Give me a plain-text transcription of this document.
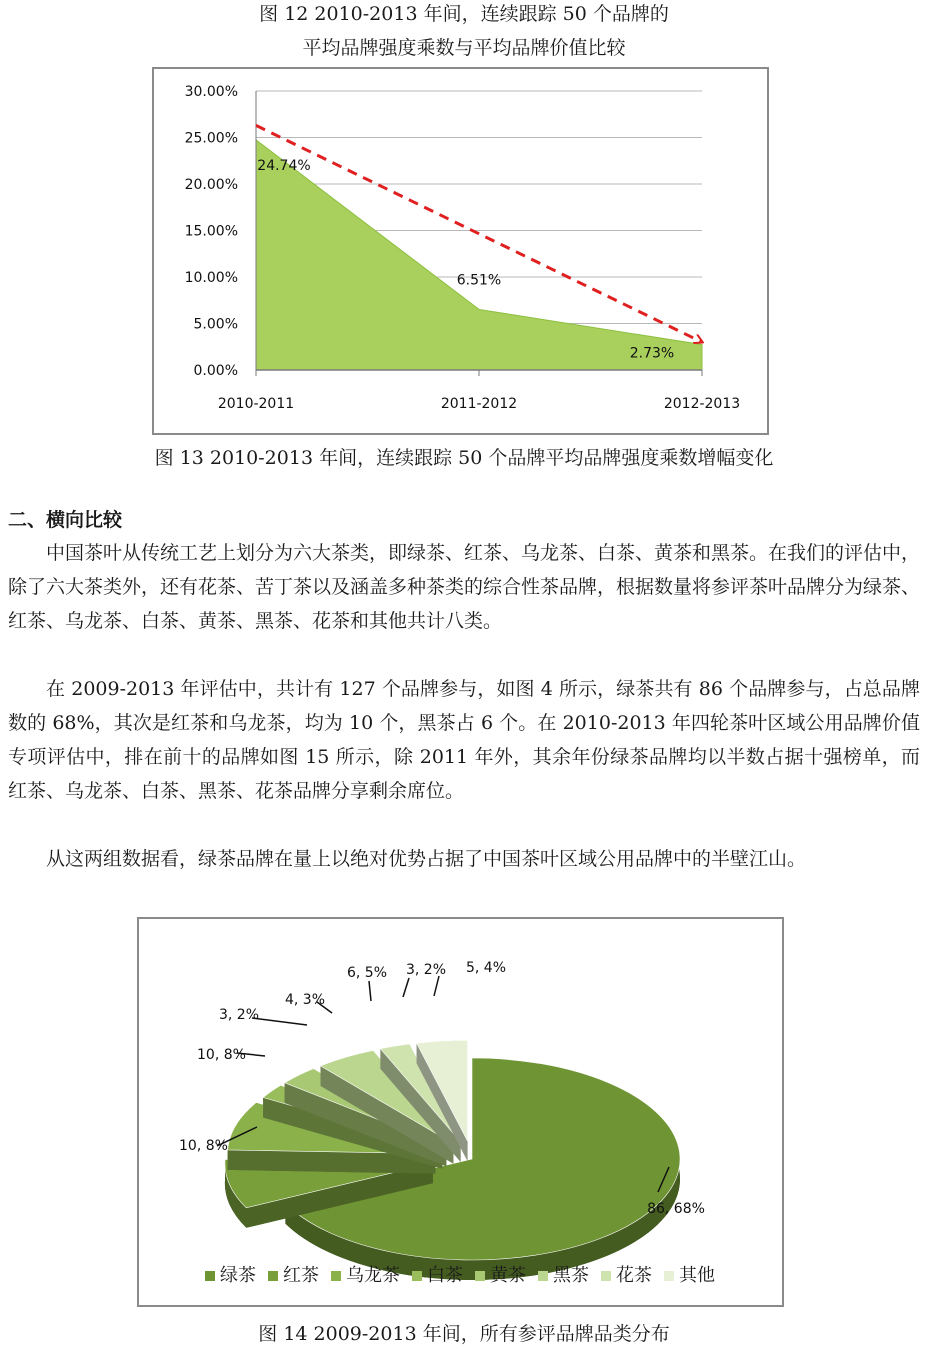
图 12 2010-2013 年间，连续跟踪 50 个品牌的
平均品牌强度乘数与平均品牌价值比较
0.00%
5.00%
10.00%
15.00%
20.00%
25.00%
30.00%
2010-2011	2011-2012	2012-2013
24.74%
6.51%
2.73%
图 13 2010-2013 年间，连续跟踪 50 个品牌平均品牌强度乘数增幅变化
二、横向比较

中国茶叶从传统工艺上划分为六大茶类，即绿茶、红茶、乌龙茶、白茶、黄茶和黑茶。在我们的评估中，除了六大茶类外，还有花茶、苦丁茶以及涵盖多种茶类的综合性茶品牌，根据数量将参评茶叶品牌分为绿茶、红茶、乌龙茶、白茶、黄茶、黑茶、花茶和其他共计八类。

在 2009-2013 年评估中，共计有 127 个品牌参与，如图 4 所示，绿茶共有 86 个品牌参与，占总品牌数的 68%，其次是红茶和乌龙茶，均为 10 个，黑茶占 6 个。在 2010-2013 年四轮茶叶区域公用品牌价值专项评估中，排在前十的品牌如图 15 所示，除 2011 年外，其余年份绿茶品牌均以半数占据十强榜单，而红茶、乌龙茶、白茶、黑茶、花茶品牌分享剩余席位。

从这两组数据看，绿茶品牌在量上以绝对优势占据了中国茶叶区域公用品牌中的半壁江山。

86, 68%
10, 8%
10, 8%
3, 2%
4, 3%
6, 5% 3, 2% 5, 4%
绿茶 红茶 乌龙茶 白茶 黄茶 黑茶 花茶 其他
图 14 2009-2013 年间，所有参评品牌品类分布
